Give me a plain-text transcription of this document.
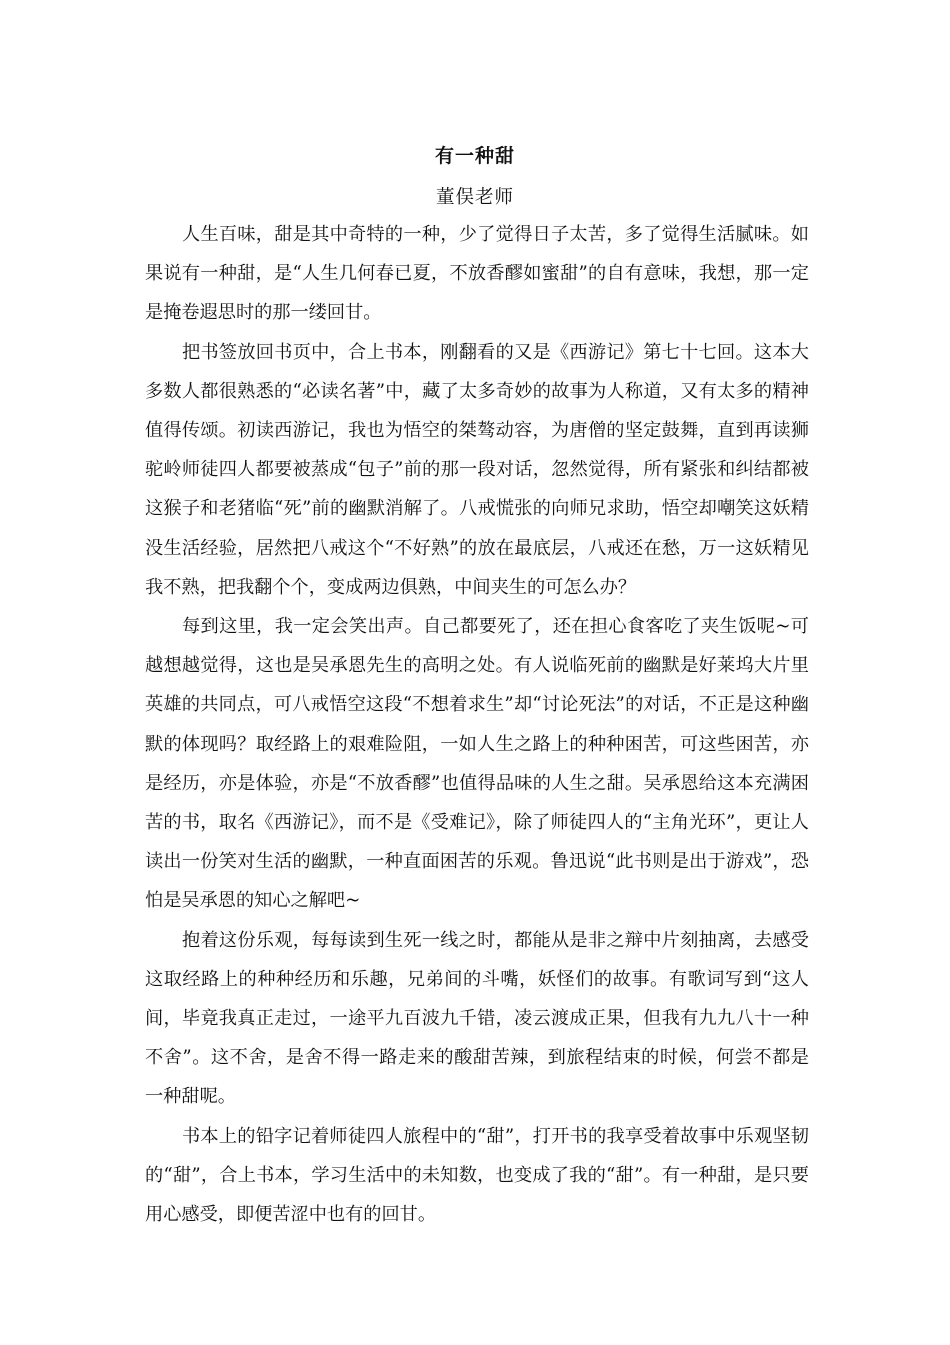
有一种甜
董俣老师

人生百味，甜是其中奇特的一种，少了觉得日子太苦，多了觉得生活腻味。如果说有一种甜，是“人生几何春已夏，不放香醪如蜜甜”的自有意味，我想，那一定是掩卷遐思时的那一缕回甘。

把书签放回书页中，合上书本，刚翻看的又是《西游记》第七十七回。这本大多数人都很熟悉的“必读名著”中，藏了太多奇妙的故事为人称道，又有太多的精神值得传颂。初读西游记，我也为悟空的桀骜动容，为唐僧的坚定鼓舞，直到再读狮驼岭师徒四人都要被蒸成“包子”前的那一段对话，忽然觉得，所有紧张和纠结都被这猴子和老猪临“死”前的幽默消解了。八戒慌张的向师兄求助，悟空却嘲笑这妖精没生活经验，居然把八戒这个“不好熟”的放在最底层，八戒还在愁，万一这妖精见我不熟，把我翻个个，变成两边俱熟，中间夹生的可怎么办？

每到这里，我一定会笑出声。自己都要死了，还在担心食客吃了夹生饭呢~可越想越觉得，这也是吴承恩先生的高明之处。有人说临死前的幽默是好莱坞大片里英雄的共同点，可八戒悟空这段“不想着求生”却“讨论死法”的对话，不正是这种幽默的体现吗？取经路上的艰难险阻，一如人生之路上的种种困苦，可这些困苦，亦是经历，亦是体验，亦是“不放香醪”也值得品味的人生之甜。吴承恩给这本充满困苦的书，取名《西游记》，而不是《受难记》，除了师徒四人的“主角光环”，更让人读出一份笑对生活的幽默，一种直面困苦的乐观。鲁迅说“此书则是出于游戏”，恐怕是吴承恩的知心之解吧~

抱着这份乐观，每每读到生死一线之时，都能从是非之辩中片刻抽离，去感受这取经路上的种种经历和乐趣，兄弟间的斗嘴，妖怪们的故事。有歌词写到“这人间，毕竟我真正走过，一途平九百波九千错，凌云渡成正果，但我有九九八十一种不舍”。这不舍，是舍不得一路走来的酸甜苦辣，到旅程结束的时候，何尝不都是一种甜呢。

书本上的铅字记着师徒四人旅程中的“甜”，打开书的我享受着故事中乐观坚韧的“甜”，合上书本，学习生活中的未知数，也变成了我的“甜”。有一种甜，是只要用心感受，即便苦涩中也有的回甘。
